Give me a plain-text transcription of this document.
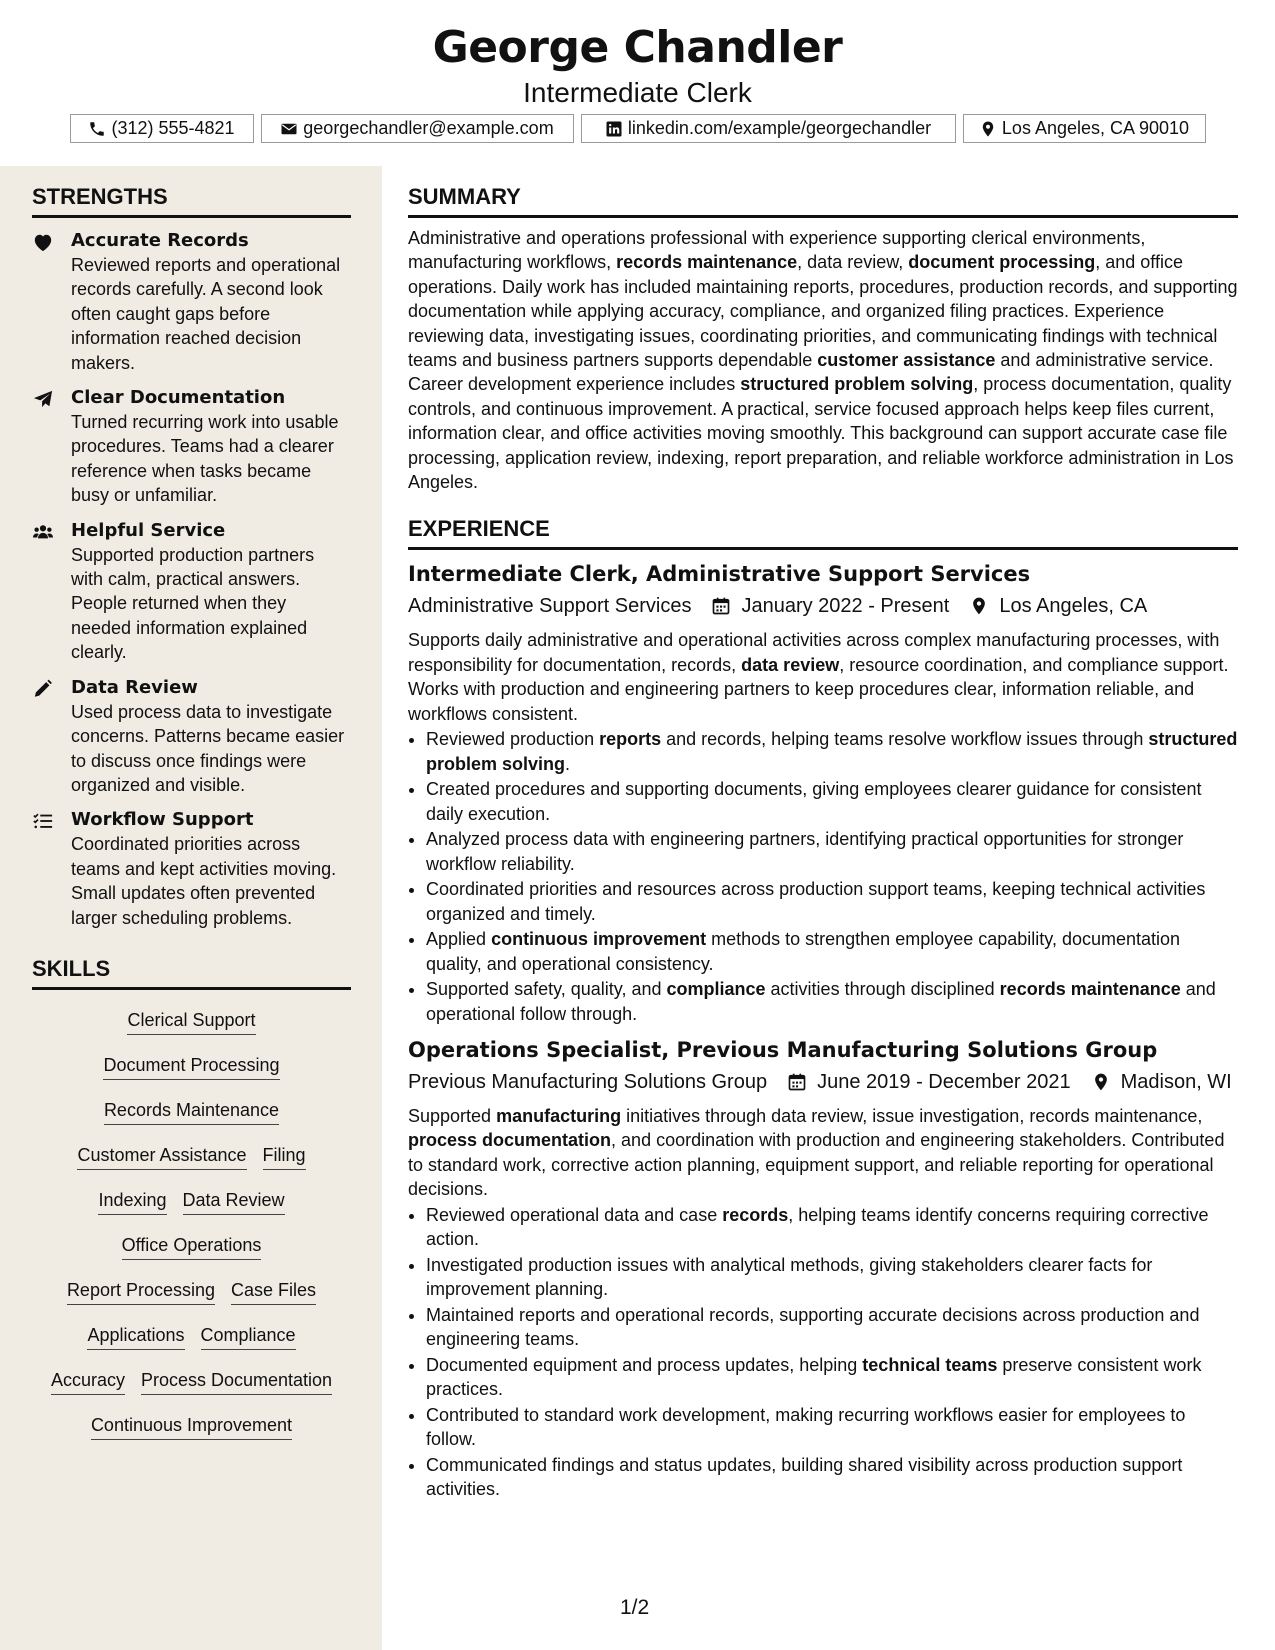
George Chandler
Intermediate Clerk
(312) 555-4821	georgechandler@example.com	linkedin.com/example/georgechandler	Los Angeles, CA 90010
STRENGTHS
Accurate Records
Reviewed reports and operational records carefully. A second look often caught gaps before information reached decision makers.
Clear Documentation
Turned recurring work into usable procedures. Teams had a clearer reference when tasks became busy or unfamiliar.
Helpful Service
Supported production partners with calm, practical answers. People returned when they needed information explained clearly.
Data Review
Used process data to investigate concerns. Patterns became easier to discuss once findings were organized and visible.
Workflow Support
Coordinated priorities across teams and kept activities moving. Small updates often prevented larger scheduling problems.
SKILLS
Clerical Support
Document Processing
Records Maintenance
Customer Assistance Filing
Indexing Data Review
Office Operations
Report Processing Case Files
Applications Compliance
Accuracy Process Documentation
Continuous Improvement
SUMMARY
Administrative and operations professional with experience supporting clerical environments, manufacturing workflows, records maintenance, data review, document processing, and office operations. Daily work has included maintaining reports, procedures, production records, and supporting documentation while applying accuracy, compliance, and organized filing practices. Experience reviewing data, investigating issues, coordinating priorities, and communicating findings with technical teams and business partners supports dependable customer assistance and administrative service. Career development experience includes structured problem solving, process documentation, quality controls, and continuous improvement. A practical, service focused approach helps keep files current, information clear, and office activities moving smoothly. This background can support accurate case file processing, application review, indexing, report preparation, and reliable workforce administration in Los Angeles.
EXPERIENCE
Intermediate Clerk, Administrative Support Services
Administrative Support Services	January 2022 - Present	Los Angeles, CA
Supports daily administrative and operational activities across complex manufacturing processes, with responsibility for documentation, records, data review, resource coordination, and compliance support. Works with production and engineering partners to keep procedures clear, information reliable, and workflows consistent.
• Reviewed production reports and records, helping teams resolve workflow issues through structured problem solving.
• Created procedures and supporting documents, giving employees clearer guidance for consistent daily execution.
• Analyzed process data with engineering partners, identifying practical opportunities for stronger workflow reliability.
• Coordinated priorities and resources across production support teams, keeping technical activities organized and timely.
• Applied continuous improvement methods to strengthen employee capability, documentation quality, and operational consistency.
• Supported safety, quality, and compliance activities through disciplined records maintenance and operational follow through.
Operations Specialist, Previous Manufacturing Solutions Group
Previous Manufacturing Solutions Group	June 2019 - December 2021	Madison, WI
Supported manufacturing initiatives through data review, issue investigation, records maintenance, process documentation, and coordination with production and engineering stakeholders. Contributed to standard work, corrective action planning, equipment support, and reliable reporting for operational decisions.
• Reviewed operational data and case records, helping teams identify concerns requiring corrective action.
• Investigated production issues with analytical methods, giving stakeholders clearer facts for improvement planning.
• Maintained reports and operational records, supporting accurate decisions across production and engineering teams.
• Documented equipment and process updates, helping technical teams preserve consistent work practices.
• Contributed to standard work development, making recurring workflows easier for employees to follow.
• Communicated findings and status updates, building shared visibility across production support activities.
1/2
